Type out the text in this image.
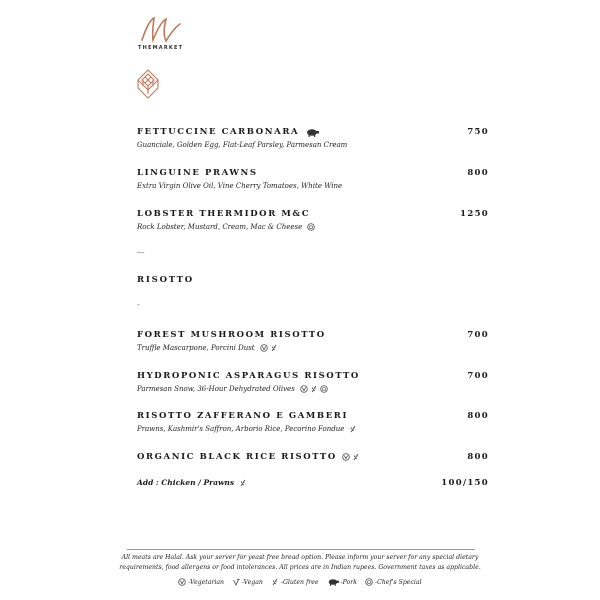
THEMARKET
FETTUCCINE CARBONARA	750
Guanciale, Golden Egg, Flat-Leaf Parsley, Parmesan Cream
LINGUINE PRAWNS	800
Extra Virgin Olive Oil, Vine Cherry Tomatoes, White Wine
LOBSTER THERMIDOR M&C	1250
Rock Lobster, Mustard, Cream, Mac & Cheese
---
RISOTTO
-
FOREST MUSHROOM RISOTTO	700
Truffle Mascarpone, Porcini Dust
HYDROPONIC ASPARAGUS RISOTTO	700
Parmesan Snow, 36-Hour Dehydrated Olives
RISOTTO ZAFFERANO E GAMBERI	800
Prawns, Kashmir's Saffron, Arborio Rice, Pecorino Fondue
ORGANIC BLACK RICE RISOTTO	800
Add : Chicken / Prawns	100/150
All meats are Halal. Ask your server for yeast free bread option. Please inform your server for any special dietary requirements, food allergens or food intolerances. All prices are in Indian rupees. Government taxes as applicable.
-Vegetarian	-Vegan	-Gluten free	-Pork	-Chef's Special
